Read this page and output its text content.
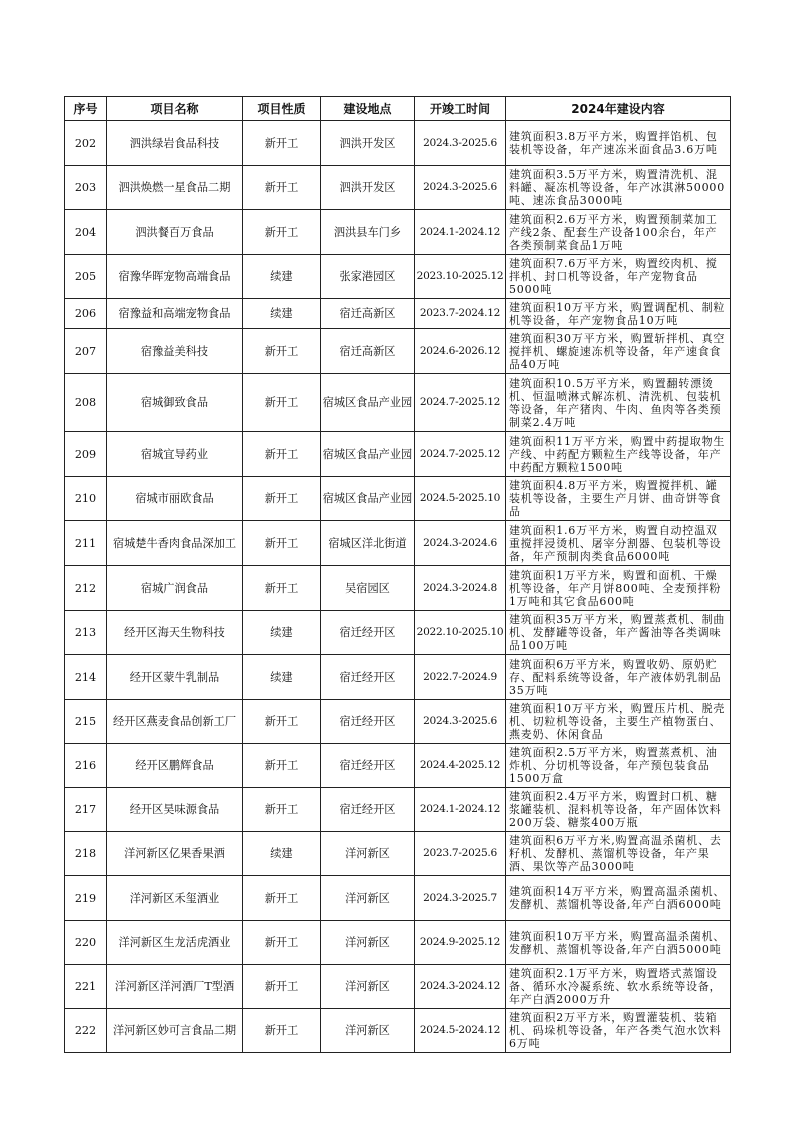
序号	项目名称	项目性质	建设地点	开竣工时间	2024年建设内容
202	泗洪绿岩食品科技	新开工	泗洪开发区	2024.3-2025.6	建筑面积3.8万平方米，购置拌馅机、包装机等设备，年产速冻米面食品3.6万吨
203	泗洪焕燃一星食品二期	新开工	泗洪开发区	2024.3-2025.6	建筑面积3.5万平方米，购置清洗机、混料罐、凝冻机等设备，年产冰淇淋50000吨、速冻食品3000吨
204	泗洪餐百万食品	新开工	泗洪县车门乡	2024.1-2024.12	建筑面积2.6万平方米，购置预制菜加工产线2条、配套生产设备100余台，年产各类预制菜食品1万吨
205	宿豫华晖宠物高端食品	续建	张家港园区	2023.10-2025.12	建筑面积7.6万平方米，购置绞肉机、搅拌机、封口机等设备，年产宠物食品5000吨
206	宿豫益和高端宠物食品	续建	宿迁高新区	2023.7-2024.12	建筑面积10万平方米，购置调配机、制粒机等设备，年产宠物食品10万吨
207	宿豫益美科技	新开工	宿迁高新区	2024.6-2026.12	建筑面积30万平方米，购置斩拌机、真空搅拌机、螺旋速冻机等设备，年产速食食品40万吨
208	宿城御致食品	新开工	宿城区食品产业园	2024.7-2025.12	建筑面积10.5万平方米，购置翻转漂烫机、恒温喷淋式解冻机、清洗机、包装机等设备，年产猪肉、牛肉、鱼肉等各类预制菜2.4万吨
209	宿城宜导药业	新开工	宿城区食品产业园	2024.7-2025.12	建筑面积11万平方米，购置中药提取物生产线、中药配方颗粒生产线等设备，年产中药配方颗粒1500吨
210	宿城市丽欧食品	新开工	宿城区食品产业园	2024.5-2025.10	建筑面积4.8万平方米，购置搅拌机、罐装机等设备，主要生产月饼、曲奇饼等食品
211	宿城楚牛香肉食品深加工	新开工	宿城区洋北街道	2024.3-2024.6	建筑面积1.6万平方米，购置自动控温双重搅拌浸烫机、屠宰分割器、包装机等设备，年产预制肉类食品6000吨
212	宿城广润食品	新开工	吴宿园区	2024.3-2024.8	建筑面积1万平方米，购置和面机、干燥机等设备，年产月饼800吨、全麦预拌粉1万吨和其它食品600吨
213	经开区海天生物科技	续建	宿迁经开区	2022.10-2025.10	建筑面积35万平方米，购置蒸煮机、制曲机、发酵罐等设备，年产酱油等各类调味品100万吨
214	经开区蒙牛乳制品	续建	宿迁经开区	2022.7-2024.9	建筑面积6万平方米，购置收奶、原奶贮存、配料系统等设备，年产液体奶乳制品35万吨
215	经开区燕麦食品创新工厂	新开工	宿迁经开区	2024.3-2025.6	建筑面积10万平方米，购置压片机、脱壳机、切粒机等设备，主要生产植物蛋白、燕麦奶、休闲食品
216	经开区鹏辉食品	新开工	宿迁经开区	2024.4-2025.12	建筑面积2.5万平方米，购置蒸煮机、油炸机、分切机等设备，年产预包装食品1500万盒
217	经开区昊味源食品	新开工	宿迁经开区	2024.1-2024.12	建筑面积2.4万平方米，购置封口机、糖浆罐装机、混料机等设备，年产固体饮料200万袋、糖浆400万瓶
218	洋河新区亿果香果酒	续建	洋河新区	2023.7-2025.6	建筑面积6万平方米,购置高温杀菌机、去籽机、发酵机、蒸馏机等设备，年产果酒、果饮等产品3000吨
219	洋河新区禾玺酒业	新开工	洋河新区	2024.3-2025.7	建筑面积14万平方米，购置高温杀菌机、发酵机、蒸馏机等设备,年产白酒6000吨
220	洋河新区生龙活虎酒业	新开工	洋河新区	2024.9-2025.12	建筑面积10万平方米，购置高温杀菌机、发酵机、蒸馏机等设备,年产白酒5000吨
221	洋河新区洋河酒厂T型酒	新开工	洋河新区	2024.3-2024.12	建筑面积2.1万平方米，购置塔式蒸馏设备、循环水冷凝系统、软水系统等设备，年产白酒2000万升
222	洋河新区妙可言食品二期	新开工	洋河新区	2024.5-2024.12	建筑面积2万平方米，购置灌装机、装箱机、码垛机等设备，年产各类气泡水饮料6万吨
